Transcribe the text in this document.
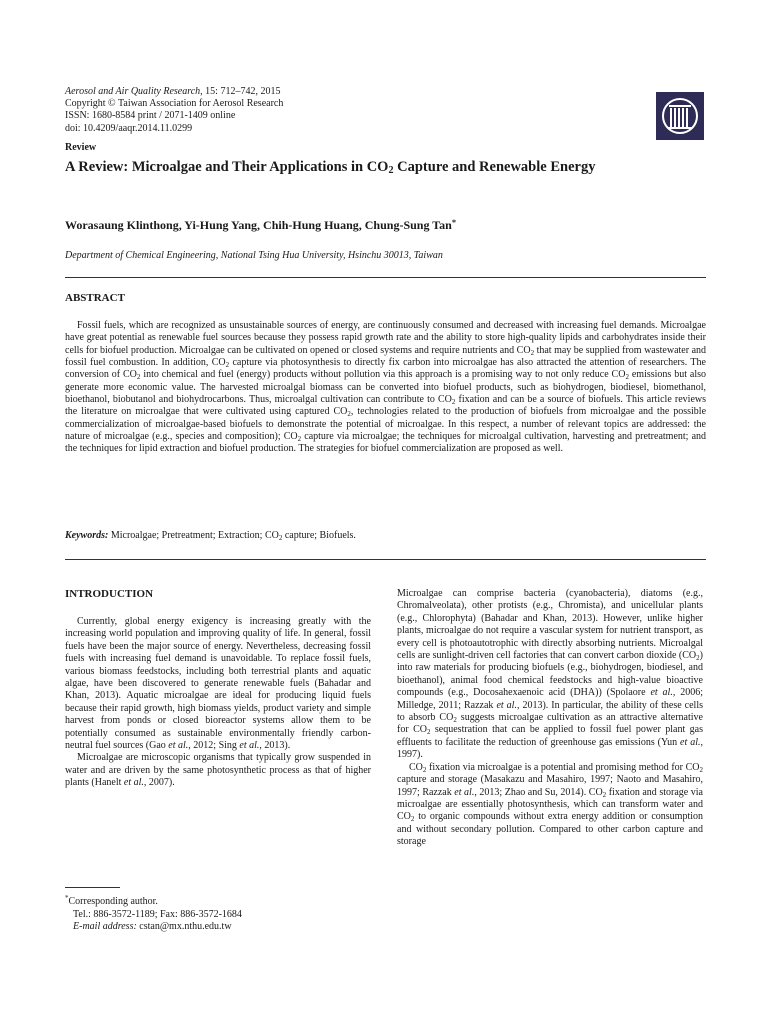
Aerosol and Air Quality Research, 15: 712–742, 2015
Copyright © Taiwan Association for Aerosol Research
ISSN: 1680-8584 print / 2071-1409 online
doi: 10.4209/aaqr.2014.11.0299
Review
A Review: Microalgae and Their Applications in $CO_2$ Capture and Renewable Energy
Worasaung Klinthong, Yi-Hung Yang, Chih-Hung Huang, Chung-Sung Tan*
Department of Chemical Engineering, National Tsing Hua University, Hsinchu 30013, Taiwan
ABSTRACT

Fossil fuels, which are recognized as unsustainable sources of energy, are continuously consumed and decreased with increasing fuel demands. Microalgae have great potential as renewable fuel sources because they possess rapid growth rate and the ability to store high-quality lipids and carbohydrates inside their cells for biofuel production. Microalgae can be cultivated on opened or closed systems and require nutrients and $CO_2$ that may be supplied from wastewater and fossil fuel combustion. In addition, $CO_2$ capture via photosynthesis to directly fix carbon into microalgae has also attracted the attention of researchers. The conversion of $CO_2$ into chemical and fuel (energy) products without pollution via this approach is a promising way to not only reduce $CO_2$ emissions but also generate more economic value. The harvested microalgal biomass can be converted into biofuel products, such as biohydrogen, biodiesel, biomethanol, bioethanol, biobutanol and biohydrocarbons. Thus, microalgal cultivation can contribute to $CO_2$ fixation and can be a source of biofuels. This article reviews the literature on microalgae that were cultivated using captured $CO_2$, technologies related to the production of biofuels from microalgae and the possible commercialization of microalgae-based biofuels to demonstrate the potential of microalgae. In this respect, a number of relevant topics are addressed: the nature of microalgae (e.g., species and composition); $CO_2$ capture via microalgae; the techniques for microalgal cultivation, harvesting and pretreatment; and the techniques for lipid extraction and biofuel production. The strategies for biofuel commercialization are proposed as well.

Keywords: Microalgae; Pretreatment; Extraction; $CO_2$ capture; Biofuels.
INTRODUCTION

Currently, global energy exigency is increasing greatly with the increasing world population and improving quality of life. In general, fossil fuels have been the major source of energy. Nevertheless, decreasing fossil fuels with increasing fuel demand is unavoidable. To replace fossil fuels, various biomass feedstocks, including both terrestrial plants and aquatic algae, have been discovered to generate renewable fuels (Bahadar and Khan, 2013). Aquatic microalgae are ideal for producing liquid fuels because their rapid growth, high biomass yields, product variety and simple harvest from ponds or closed bioreactor systems allow them to be potentially consumed as sustainable environmentally friendly carbon-neutral fuel sources (Gao et al., 2012; Sing et al., 2013).

Microalgae are microscopic organisms that typically grow suspended in water and are driven by the same photosynthetic process as that of higher plants (Hanelt et al., 2007).

Microalgae can comprise bacteria (cyanobacteria), diatoms (e.g., Chromalveolata), other protists (e.g., Chromista), and unicellular plants (e.g., Chlorophyta) (Bahadar and Khan, 2013). However, unlike higher plants, microalgae do not require a vascular system for nutrient transport, as every cell is photoautotrophic with directly absorbing nutrients. Microalgal cells are sunlight-driven cell factories that can convert carbon dioxide $(CO_2)$ into raw materials for producing biofuels (e.g., biohydrogen, biodiesel, and bioethanol), animal food chemical feedstocks and high-value bioactive compounds (e.g., Docosahexaenoic acid (DHA)) (Spolaore et al., 2006; Milledge, 2011; Razzak et al., 2013). In particular, the ability of these cells to absorb $CO_2$ suggests microalgae cultivation as an attractive alternative for $CO_2$ sequestration that can be applied to fossil fuel power plant gas effluents to facilitate the reduction of greenhouse gas emissions (Yun et al., 1997).

$CO_2$ fixation via microalgae is a potential and promising method for $CO_2$ capture and storage (Masakazu and Masahiro, 1997; Naoto and Masahiro, 1997; Razzak et al., 2013; Zhao and Su, 2014). $CO_2$ fixation and storage via microalgae are essentially photosynthesis, which can transform water and $CO_2$ to organic compounds without extra energy addition or consumption and without secondary pollution. Compared to other carbon capture and storage

*Corresponding author.
Tel.: 886-3572-1189; Fax: 886-3572-1684
E-mail address: cstan@mx.nthu.edu.tw
